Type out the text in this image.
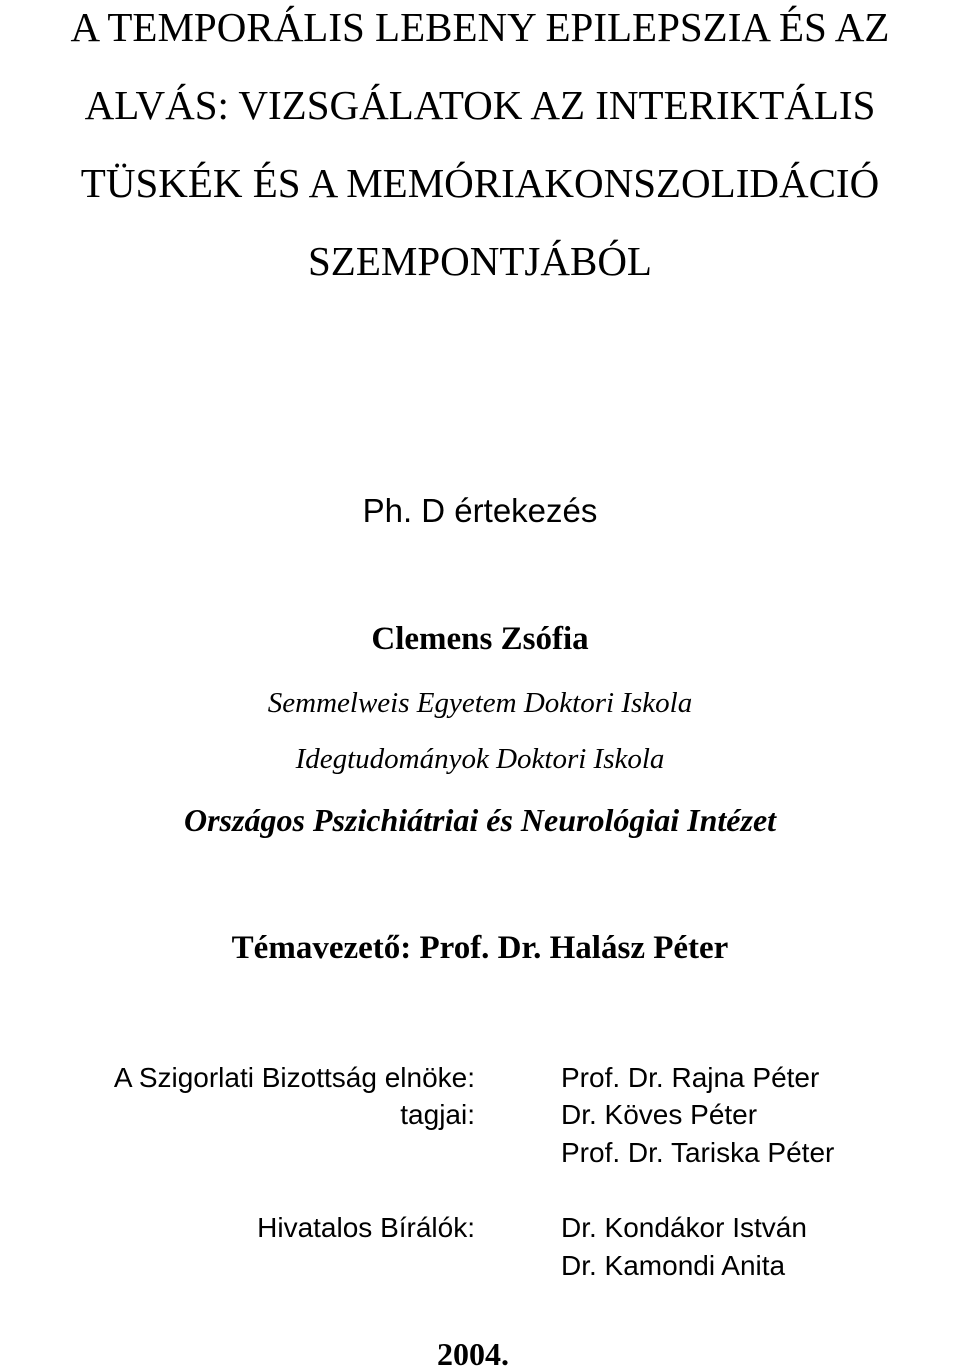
A TEMPORÁLIS LEBENY EPILEPSZIA ÉS AZ
ALVÁS: VIZSGÁLATOK AZ INTERIKTÁLIS
TÜSKÉK ÉS A MEMÓRIAKONSZOLIDÁCIÓ
SZEMPONTJÁBÓL
Ph. D értekezés
Clemens Zsófia
Semmelweis Egyetem Doktori Iskola
Idegtudományok Doktori Iskola
Országos Pszichiátriai és Neurológiai Intézet
Témavezető: Prof. Dr. Halász Péter
A Szigorlati Bizottság elnöke:	Prof. Dr. Rajna Péter
tagjai:	Dr. Köves Péter
Prof. Dr. Tariska Péter
Hivatalos Bírálók:	Dr. Kondákor István
Dr. Kamondi Anita
2004.
